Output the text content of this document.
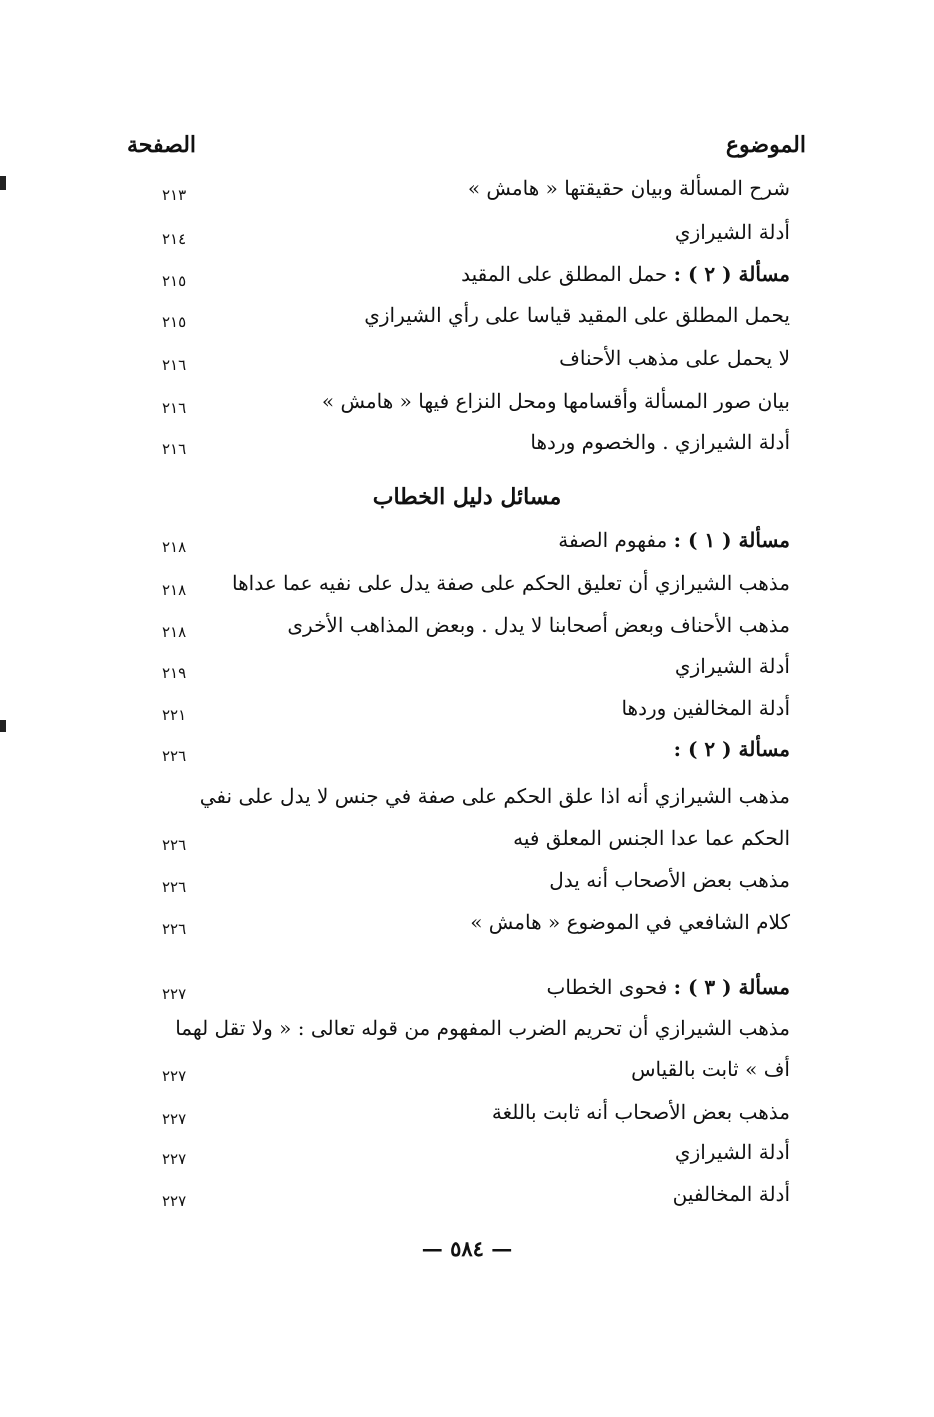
الموضوع
الصفحة
شرح المسألة وبيان حقيقتها « هامش »
٢١٣
أدلة الشيرازي
٢١٤
مسألة ( ٢ ) : حمل المطلق على المقيد
٢١٥
يحمل المطلق على المقيد قياسا على رأي الشيرازي
٢١٥
لا يحمل على مذهب الأحناف
٢١٦
بيان صور المسألة وأقسامها ومحل النزاع فيها « هامش »
٢١٦
أدلة الشيرازي . والخصوم وردها
٢١٦
مسائل دليل الخطاب
مسألة ( ١ ) : مفهوم الصفة
٢١٨
مذهب الشيرازي أن تعليق الحكم على صفة يدل على نفيه عما عداها
٢١٨
مذهب الأحناف وبعض أصحابنا لا يدل . وبعض المذاهب الأخرى
٢١٨
أدلة الشيرازي
٢١٩
أدلة المخالفين وردها
٢٢١
مسألة ( ٢ ) :
٢٢٦
مذهب الشيرازي أنه اذا علق الحكم على صفة في جنس لا يدل على نفي
الحكم عما عدا الجنس المعلق فيه
٢٢٦
مذهب بعض الأصحاب أنه يدل
٢٢٦
كلام الشافعي في الموضوع « هامش »
٢٢٦
مسألة ( ٣ ) : فحوى الخطاب
٢٢٧
مذهب الشيرازي أن تحريم الضرب المفهوم من قوله تعالى : « ولا تقل لهما
أف » ثابت بالقياس
٢٢٧
مذهب بعض الأصحاب أنه ثابت باللغة
٢٢٧
أدلة الشيرازي
٢٢٧
أدلة المخالفين
٢٢٧
— ٥٨٤ —
